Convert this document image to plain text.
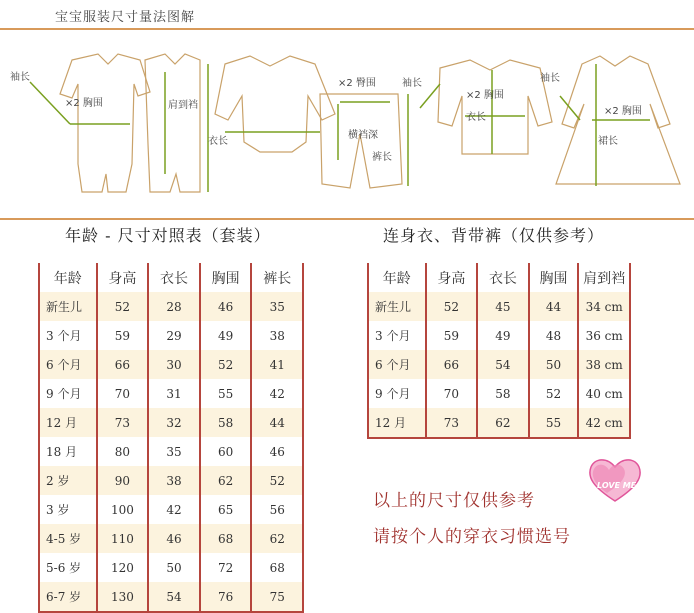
宝宝服装尺寸量法图解
袖长
×2 胸围	肩到裆
衣长
×2 臀围
横裆深
裤长
袖长
×2 胸围
衣长
袖长
×2 胸围
裙长
年龄 - 尺寸对照表（套装）	连身衣、背带裤（仅供参考）
年龄	身高	衣长	胸围	裤长
新生儿	52	28	46	35
3 个月	59	29	49	38
6 个月	66	30	52	41
9 个月	70	31	55	42
12 月	73	32	58	44
18 月	80	35	60	46
2 岁	90	38	62	52
3 岁	100	42	65	56
4-5 岁	110	46	68	62
5-6 岁	120	50	72	68
6-7 岁	130	54	76	75
年龄	身高	衣长	胸围	肩到裆
新生儿	52	45	44	34 cm
3 个月	59	49	48	36 cm
6 个月	66	54	50	38 cm
9 个月	70	58	52	40 cm
12 月	73	62	55	42 cm
以上的尺寸仅供参考
请按个人的穿衣习惯选号
LOVE ME
